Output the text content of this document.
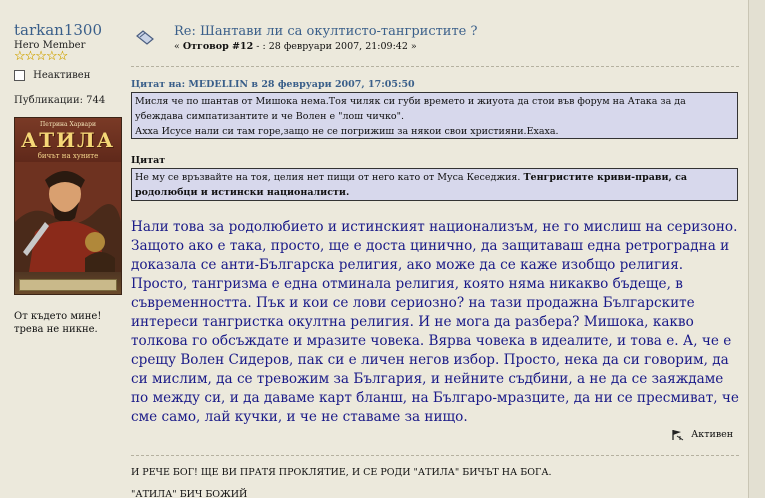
tarkan1300
Hero Member
☆☆☆☆☆
Неактивен
Публикации: 744
Петрина Харвари
АТИЛА
бичът на хуните
От където мине! трева не никне.
Re: Шантави ли са окултисто-тангристите ?
« Отговор #12 - : 28 февруари 2007, 21:09:42 »
Цитат на: MEDELLIN в 28 февруари 2007, 17:05:50
Мисля че по шантав от Мишока нема.Тоя чиляк си губи времето и жиуота да стои във форум на Атака за да
убеждава симпатизантите и че Волен е "лош чичко".
Ахха Исусе нали си там горе,защо не се погрижиш за някои свои християни.Ехаха.
Цитат
Не му се връзвайте на тоя, целия нет пищи от него като от Муса Кеседжия. Тенгристите криви-прави, са родолюбци и истински националисти.
Нали това за родолюбието и истинският национализъм, не го мислиш на серизоно. Защото ако е така, просто, ще е доста цинично, да защитаваш една ретроградна и доказала се анти-Българска религия, ако може да се каже изобщо религия. Просто, тангризма е една отминала религия, която няма никакво бъдеще, в съвременността. Пък и кои се лови сериозно? на тази продажна Българските интереси тангристка окултна религия. И не мога да разбера? Мишока, какво толкова го обсъждате и мразите човека. Вярва човека в идеалите, и това е. А, че е срещу Волен Сидеров, пак си е личен негов избор. Просто, нека да си говорим, да си мислим, да се тревожим за България, и нейните съдбини, а не да се заяждаме по между си, и да даваме карт бланш, на Българо-мразците, да ни се пресмиват, че сме само, лай кучки, и че не ставаме за нищо.
Активен
И РЕЧЕ БОГ! ЩЕ ВИ ПРАТЯ ПРОКЛЯТИЕ, И СЕ РОДИ "АТИЛА" БИЧЪТ НА БОГА.
"АТИЛА" БИЧ БОЖИЙ
